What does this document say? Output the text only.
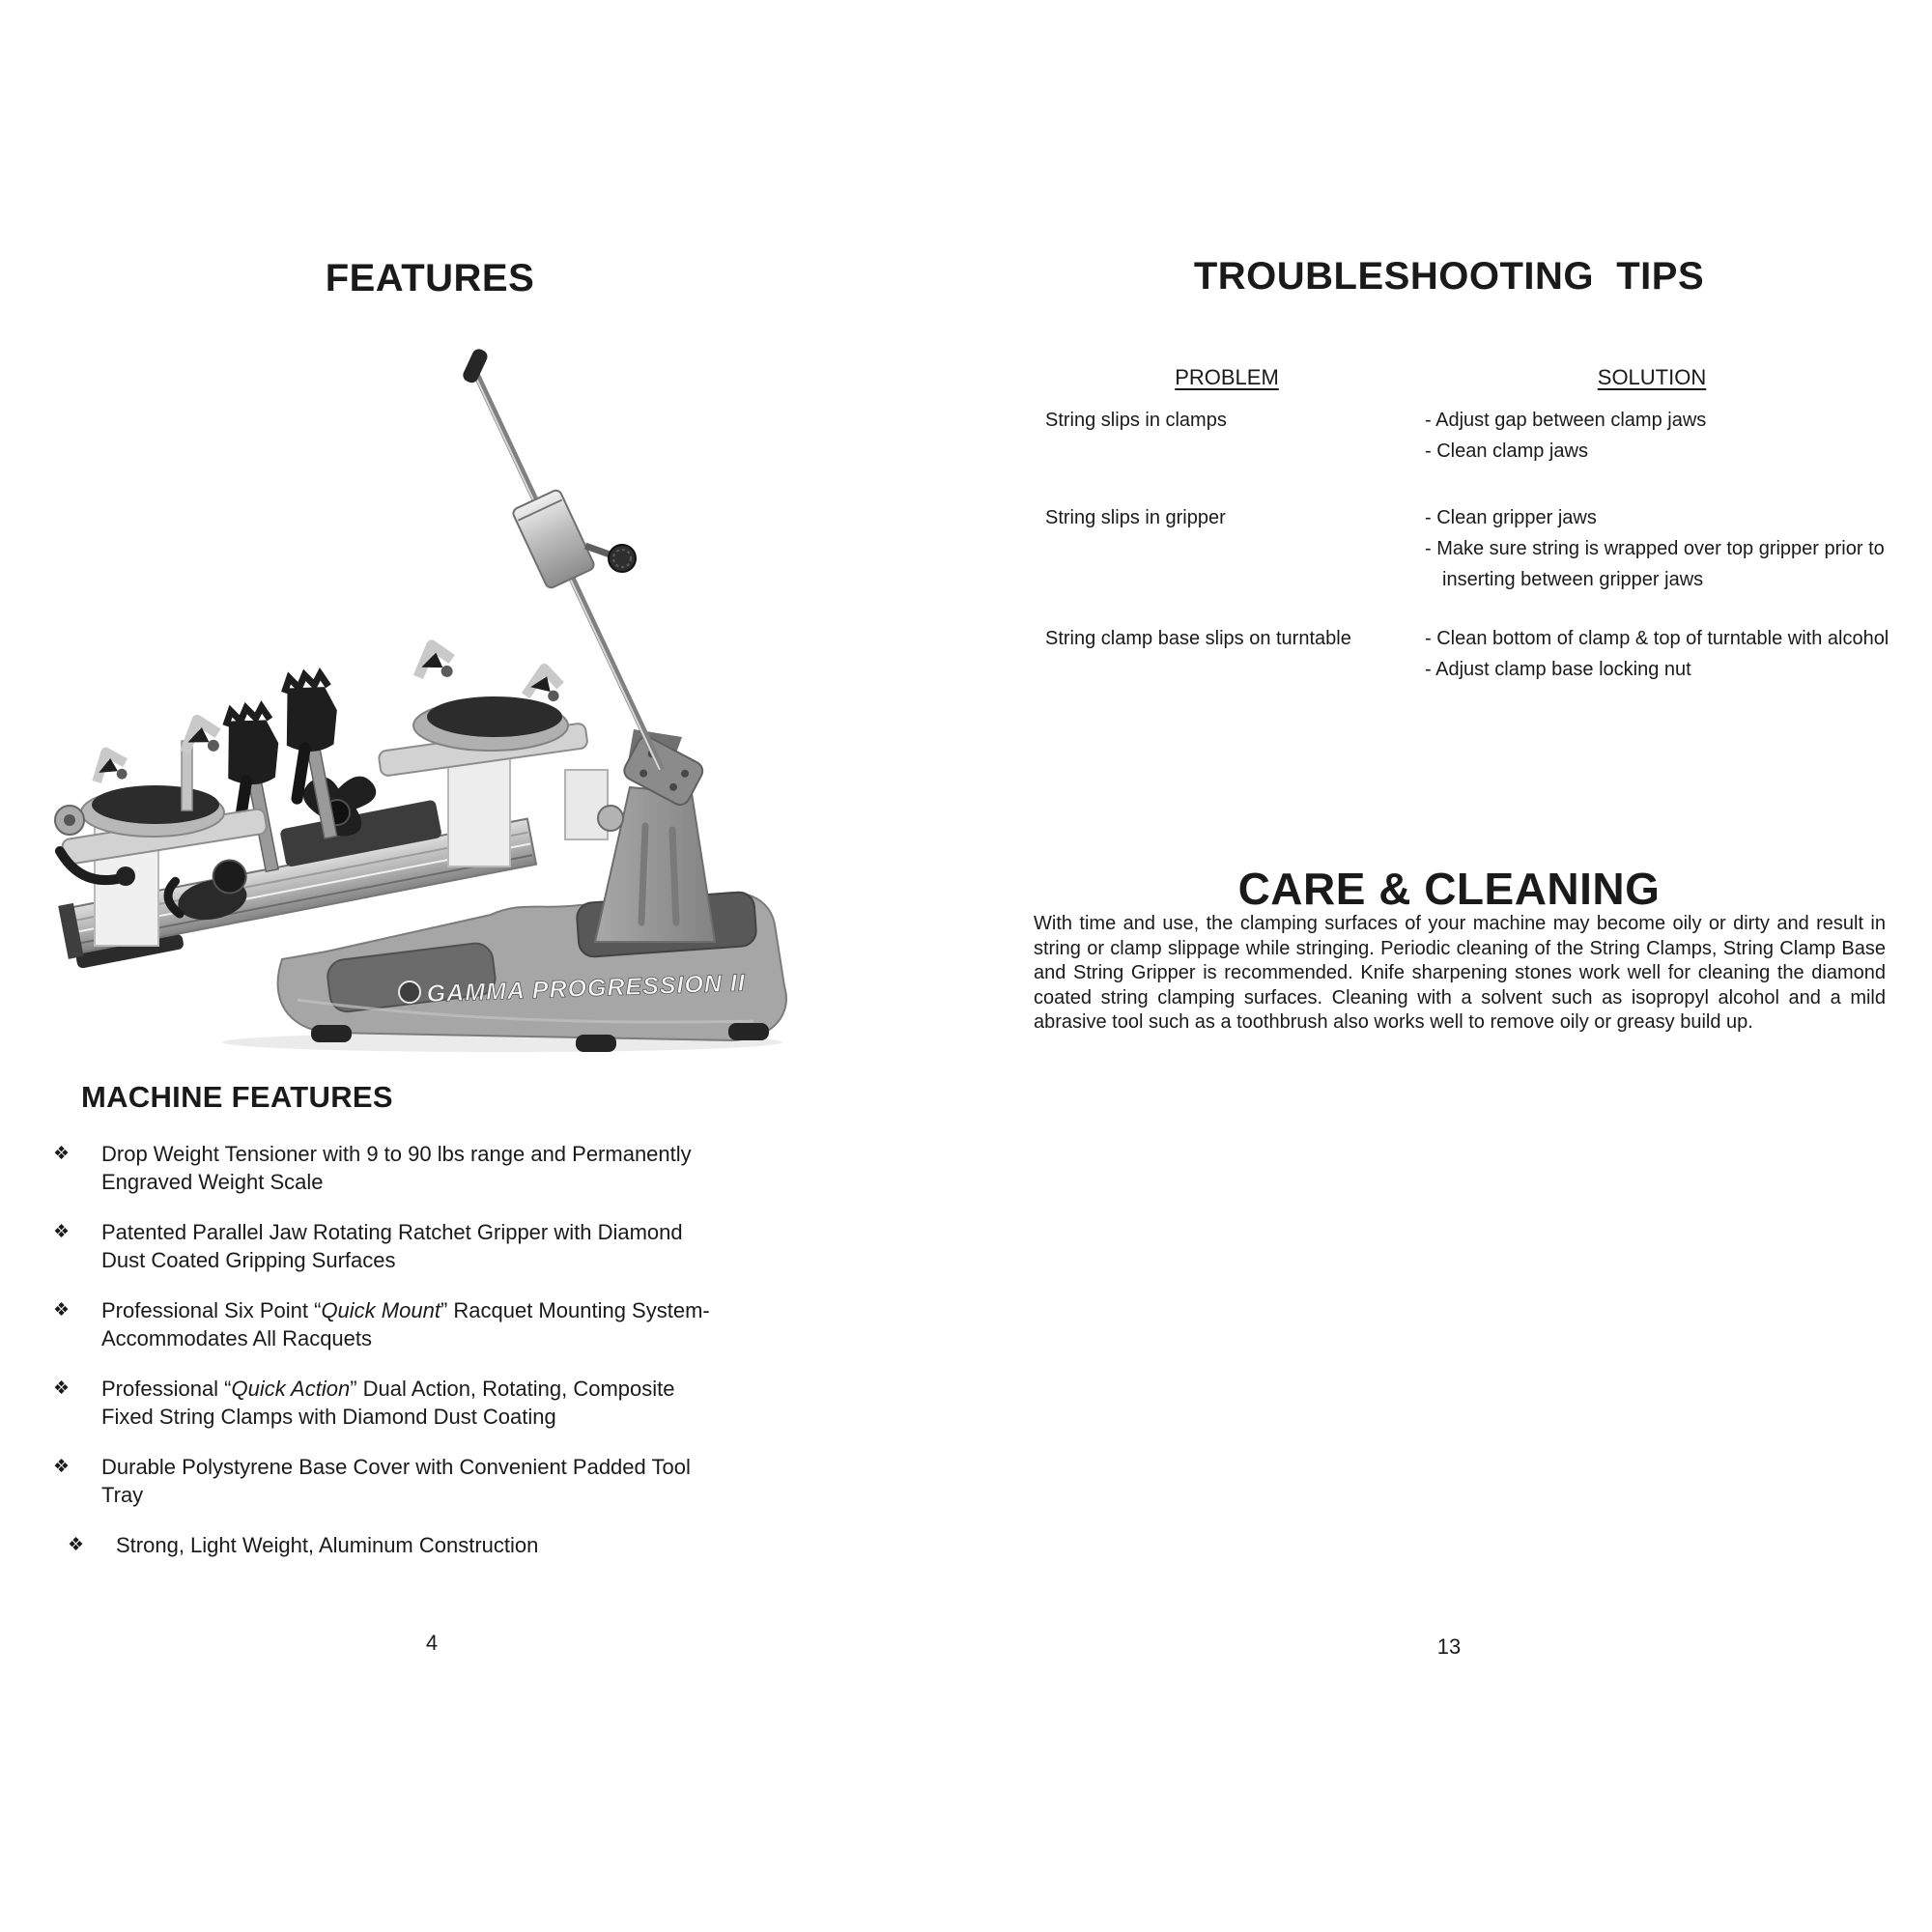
FEATURES
GAMMA PROGRESSION II
MACHINE FEATURES
❖	Drop Weight Tensioner with 9 to 90 lbs range and Permanently Engraved Weight Scale
❖	Patented Parallel Jaw Rotating Ratchet Gripper with Diamond Dust Coated Gripping Surfaces
❖	Professional Six Point “Quick Mount” Racquet Mounting System- Accommodates All Racquets
❖	Professional “Quick Action” Dual Action, Rotating, Composite Fixed String Clamps with Diamond Dust Coating
❖	Durable Polystyrene Base Cover with Convenient Padded Tool Tray
❖	Strong, Light Weight, Aluminum Construction
4
TROUBLESHOOTING  TIPS
PROBLEM	SOLUTION
String slips in clamps	- Adjust gap between clamp jaws
- Clean clamp jaws
String slips in gripper	- Clean gripper jaws
- Make sure string is wrapped over top gripper prior to inserting between gripper jaws
String clamp base slips on turntable	- Clean bottom of clamp & top of turntable with alcohol
- Adjust clamp base locking nut
CARE & CLEANING

With time and use, the clamping surfaces of your machine may become oily or dirty and result in string or clamp slippage while stringing. Periodic cleaning of the String Clamps, String Clamp Base and String Gripper is recommended. Knife sharpening stones work well for cleaning the diamond coated string clamping surfaces. Cleaning with a solvent such as isopropyl alcohol and a mild abrasive tool such as a toothbrush also works well to remove oily or greasy build up.

13
